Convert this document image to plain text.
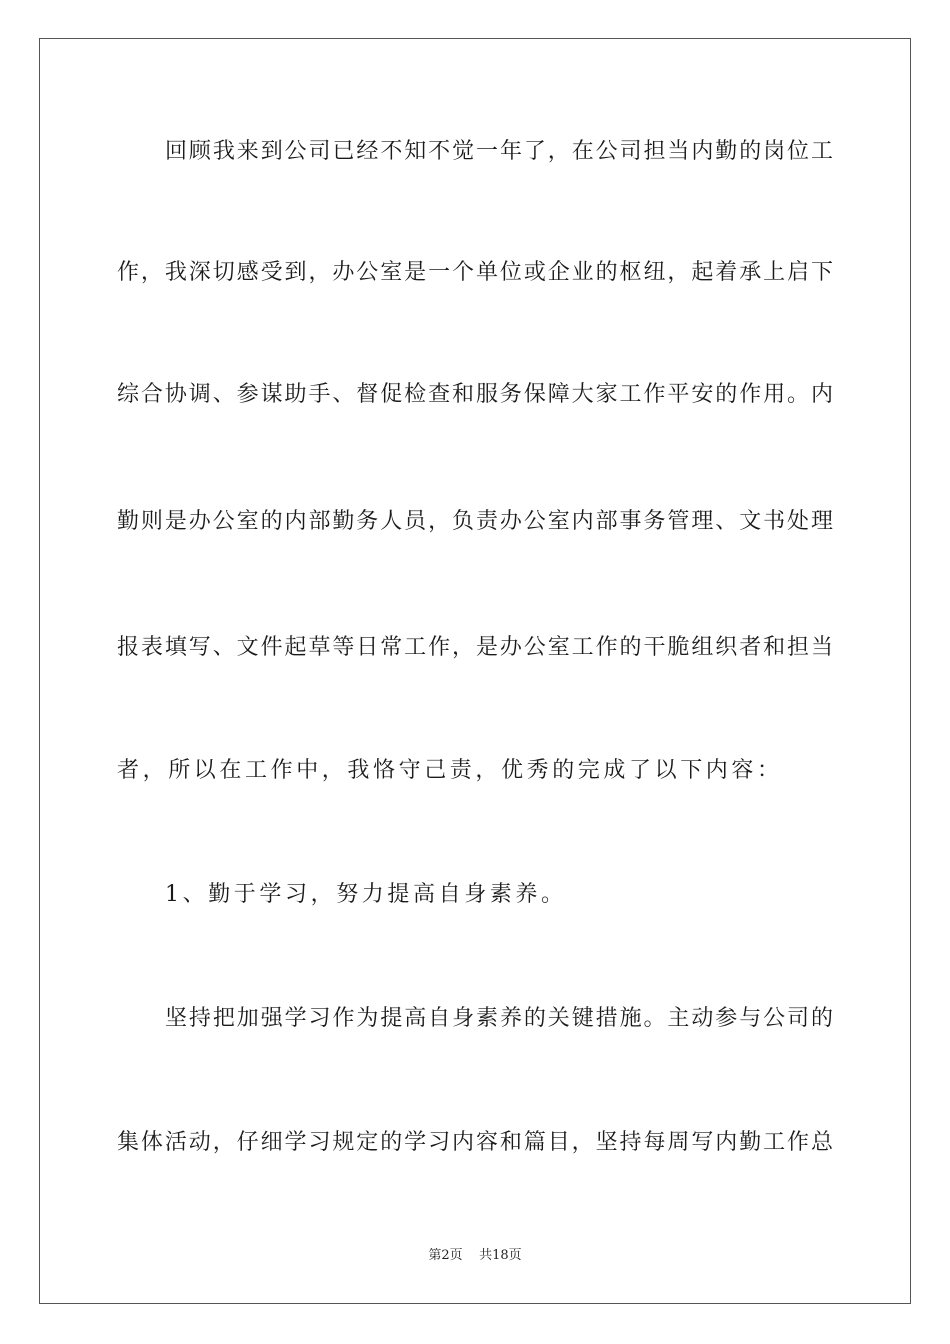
回顾我来到公司已经不知不觉一年了，在公司担当内勤的岗位工
作，我深切感受到，办公室是一个单位或企业的枢纽，起着承上启下
综合协调、参谋助手、督促检查和服务保障大家工作平安的作用。内
勤则是办公室的内部勤务人员，负责办公室内部事务管理、文书处理
报表填写、文件起草等日常工作，是办公室工作的干脆组织者和担当
者，所以在工作中，我恪守己责，优秀的完成了以下内容：
1、勤于学习，努力提高自身素养。
坚持把加强学习作为提高自身素养的关键措施。主动参与公司的
集体活动，仔细学习规定的学习内容和篇目，坚持每周写内勤工作总
第2页 共18页
